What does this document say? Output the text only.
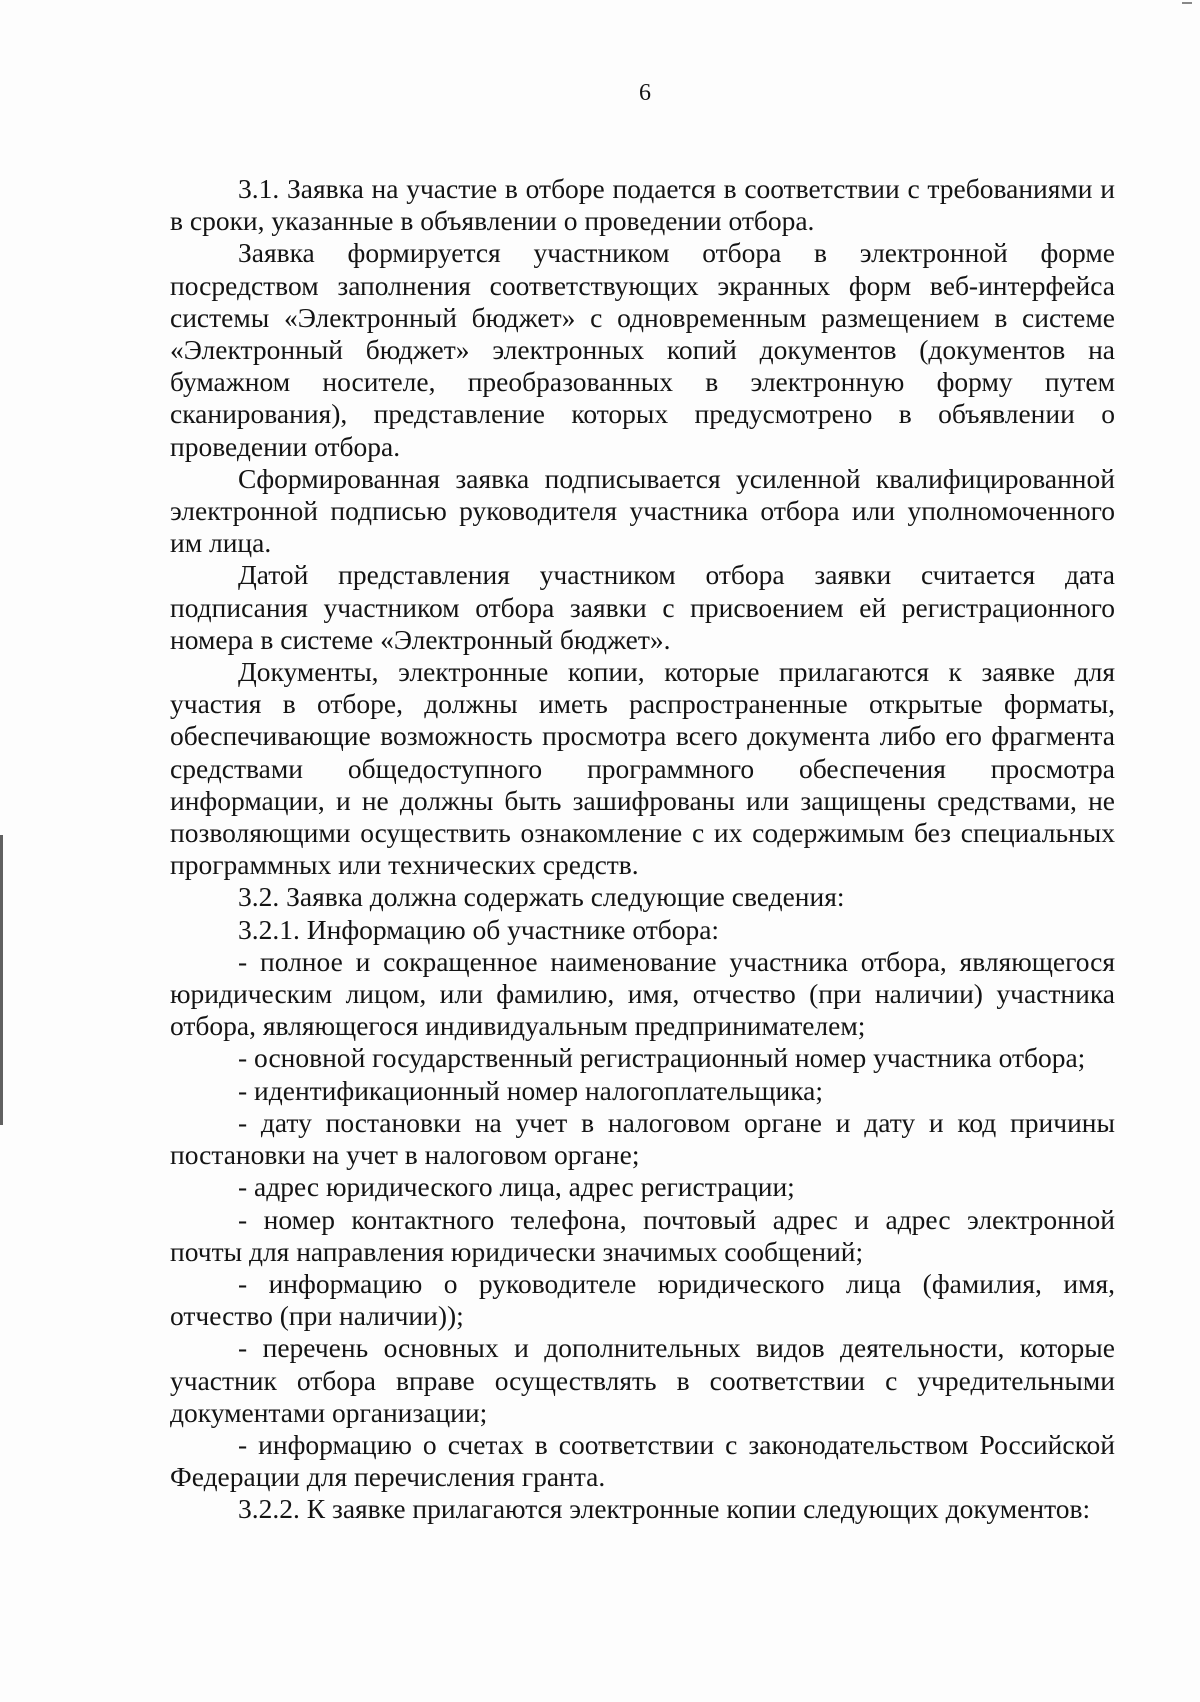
6

3.1. Заявка на участие в отборе подается в соответствии с требованиями и в сроки, указанные в объявлении о проведении отбора.

Заявка формируется участником отбора в электронной форме посредством заполнения соответствующих экранных форм веб-интерфейса системы «Электронный бюджет» с одновременным размещением в системе «Электронный бюджет» электронных копий документов (документов на бумажном носителе, преобразованных в электронную форму путем сканирования), представление которых предусмотрено в объявлении о проведении отбора.

Сформированная заявка подписывается усиленной квалифицированной электронной подписью руководителя участника отбора или уполномоченного им лица.

Датой представления участником отбора заявки считается дата подписания участником отбора заявки с присвоением ей регистрационного номера в системе «Электронный бюджет».

Документы, электронные копии, которые прилагаются к заявке для участия в отборе, должны иметь распространенные открытые форматы, обеспечивающие возможность просмотра всего документа либо его фрагмента средствами общедоступного программного обеспечения просмотра информации, и не должны быть зашифрованы или защищены средствами, не позволяющими осуществить ознакомление с их содержимым без специальных программных или технических средств.

3.2. Заявка должна содержать следующие сведения:

3.2.1. Информацию об участнике отбора:

- полное и сокращенное наименование участника отбора, являющегося юридическим лицом, или фамилию, имя, отчество (при наличии) участника отбора, являющегося индивидуальным предпринимателем;

- основной государственный регистрационный номер участника отбора;

- идентификационный номер налогоплательщика;

- дату постановки на учет в налоговом органе и дату и код причины постановки на учет в налоговом органе;

- адрес юридического лица, адрес регистрации;

- номер контактного телефона, почтовый адрес и адрес электронной почты для направления юридически значимых сообщений;

- информацию о руководителе юридического лица (фамилия, имя, отчество (при наличии));

- перечень основных и дополнительных видов деятельности, которые участник отбора вправе осуществлять в соответствии с учредительными документами организации;

- информацию о счетах в соответствии с законодательством Российской Федерации для перечисления гранта.

3.2.2. К заявке прилагаются электронные копии следующих документов:
